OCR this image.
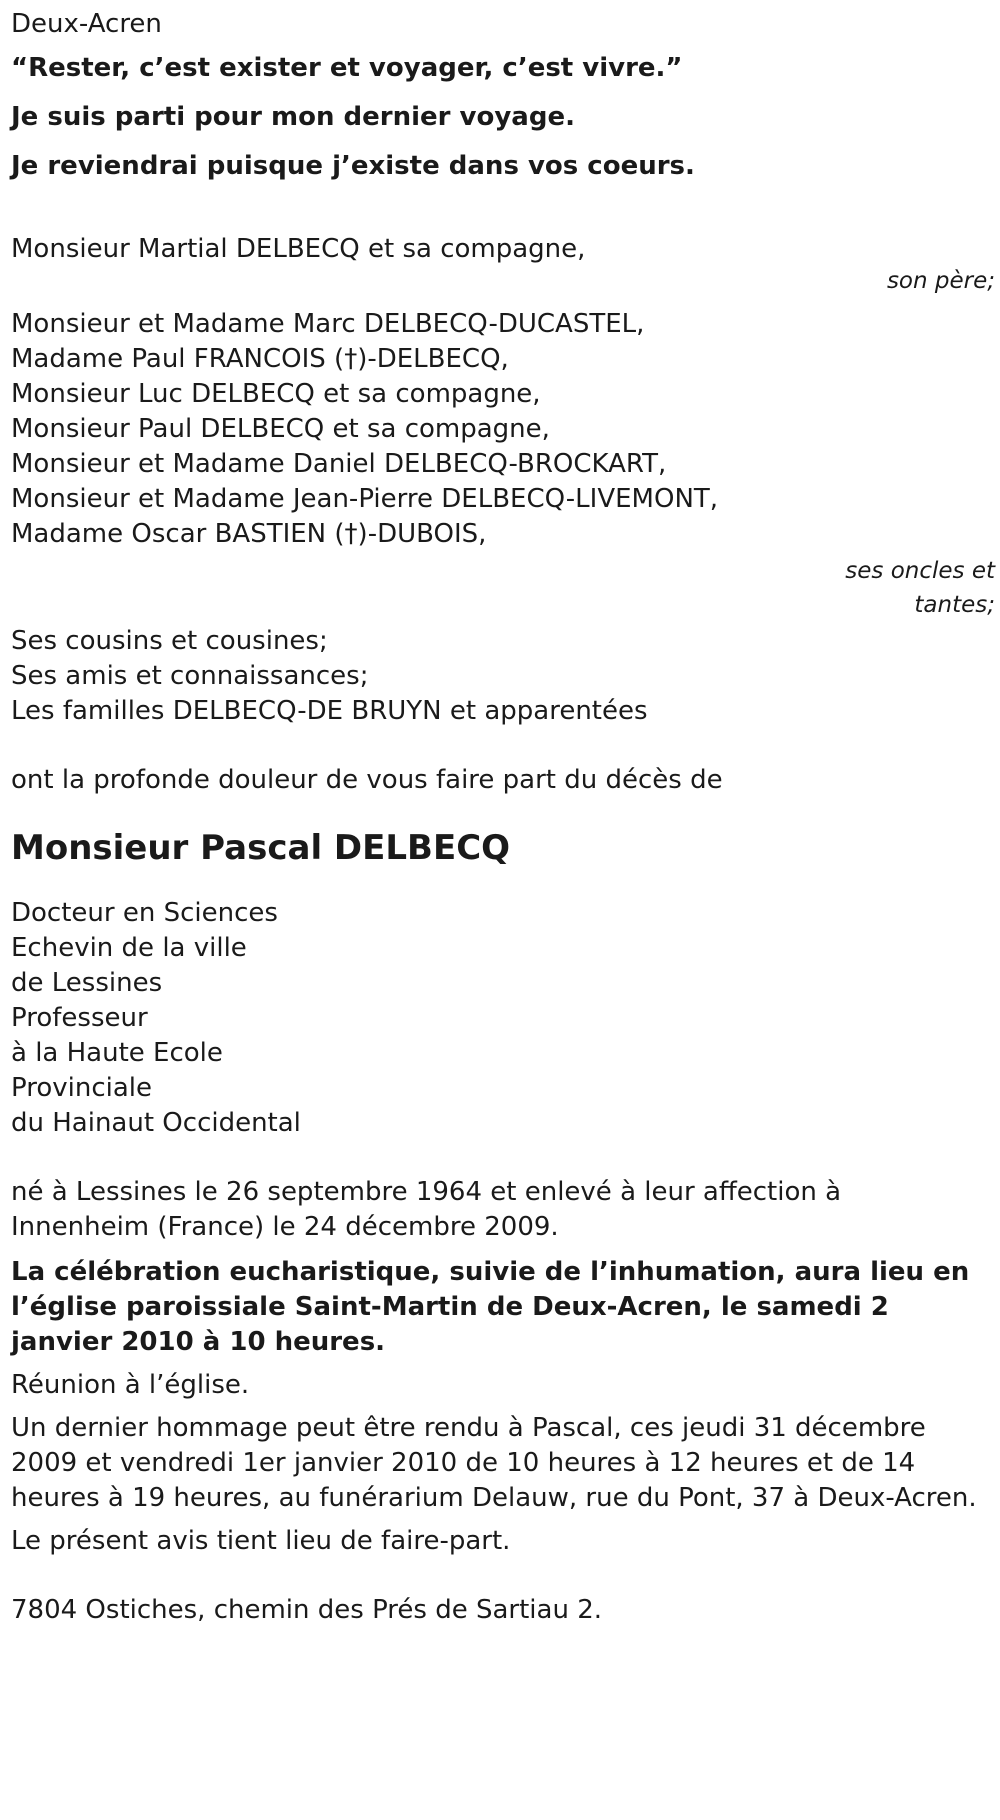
Deux-Acren
“Rester, c’est exister et voyager, c’est vivre.”
Je suis parti pour mon dernier voyage.
Je reviendrai puisque j’existe dans vos coeurs.
Monsieur Martial DELBECQ et sa compagne,
son père;
Monsieur et Madame Marc DELBECQ-DUCASTEL,
Madame Paul FRANCOIS (†)-DELBECQ,
Monsieur Luc DELBECQ et sa compagne,
Monsieur Paul DELBECQ et sa compagne,
Monsieur et Madame Daniel DELBECQ-BROCKART,
Monsieur et Madame Jean-Pierre DELBECQ-LIVEMONT,
Madame Oscar BASTIEN (†)-DUBOIS,
ses oncles et
tantes;
Ses cousins et cousines;
Ses amis et connaissances;
Les familles DELBECQ-DE BRUYN et apparentées
ont la profonde douleur de vous faire part du décès de
Monsieur Pascal DELBECQ
Docteur en Sciences
Echevin de la ville
de Lessines
Professeur
à la Haute Ecole
Provinciale
du Hainaut Occidental
né à Lessines le 26 septembre 1964 et enlevé à leur affection à Innenheim (France) le 24 décembre 2009.
La célébration eucharistique, suivie de l’inhumation, aura lieu en l’église paroissiale Saint-Martin de Deux-Acren, le samedi 2 janvier 2010 à 10 heures.
Réunion à l’église.
Un dernier hommage peut être rendu à Pascal, ces jeudi 31 décembre 2009 et vendredi 1er janvier 2010 de 10 heures à 12 heures et de 14 heures à 19 heures, au funérarium Delauw, rue du Pont, 37 à Deux-Acren.
Le présent avis tient lieu de faire-part.
7804 Ostiches, chemin des Prés de Sartiau 2.
